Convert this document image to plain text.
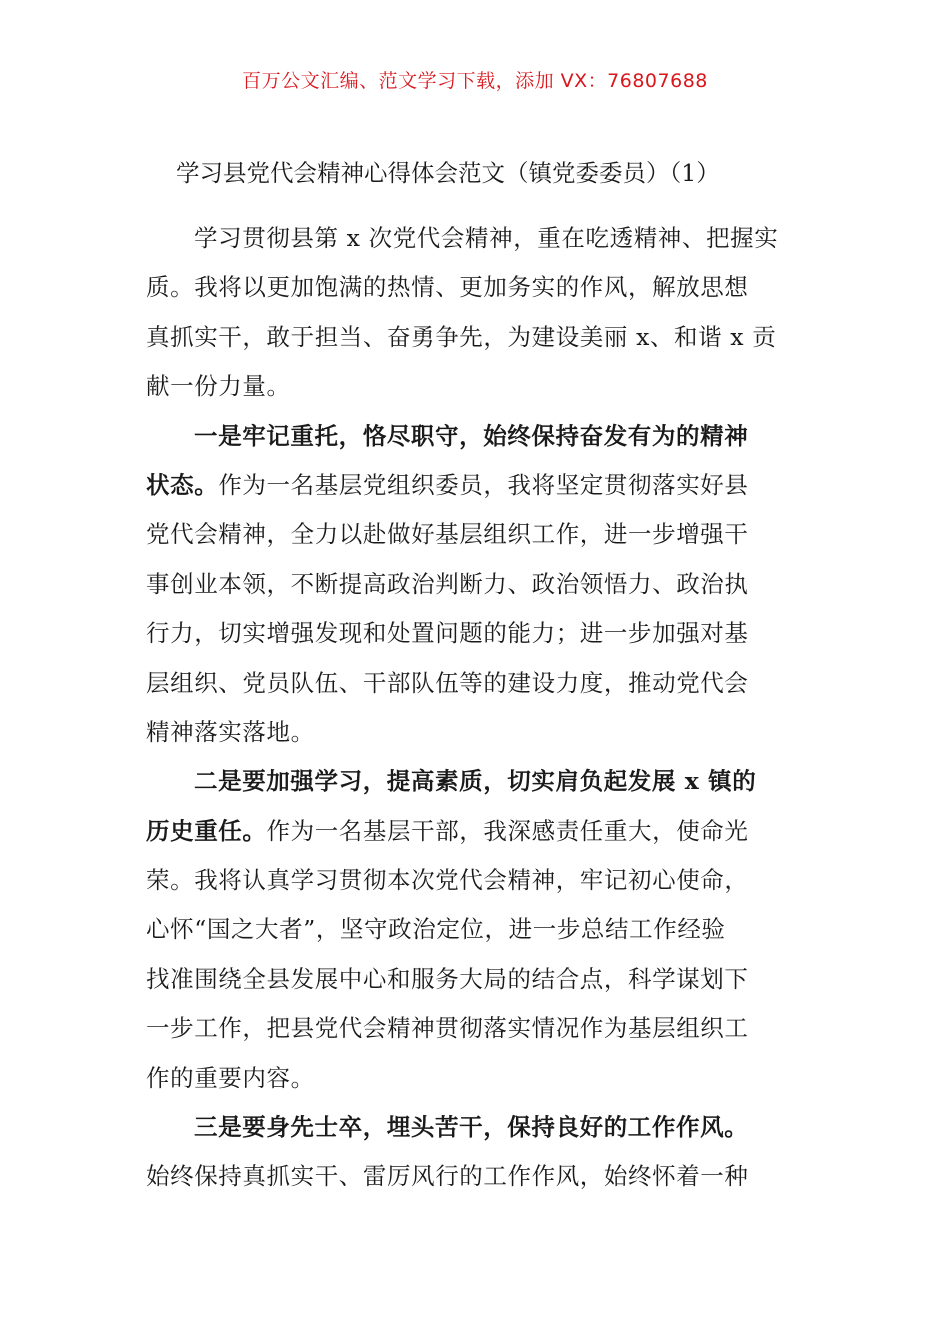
百万公文汇编、范文学习下载，添加 VX：76807688
学习县党代会精神心得体会范文（镇党委委员）（1）
学习贯彻县第 x 次党代会精神，重在吃透精神、把握实
质。我将以更加饱满的热情、更加务实的作风，解放思想
真抓实干，敢于担当、奋勇争先，为建设美丽 x、和谐 x 贡
献一份力量。
一是牢记重托，恪尽职守，始终保持奋发有为的精神
状态。作为一名基层党组织委员，我将坚定贯彻落实好县
党代会精神，全力以赴做好基层组织工作，进一步增强干
事创业本领，不断提高政治判断力、政治领悟力、政治执
行力，切实增强发现和处置问题的能力；进一步加强对基
层组织、党员队伍、干部队伍等的建设力度，推动党代会
精神落实落地。
二是要加强学习，提高素质，切实肩负起发展 x 镇的
历史重任。作为一名基层干部，我深感责任重大，使命光
荣。我将认真学习贯彻本次党代会精神，牢记初心使命，
心怀“国之大者”，坚守政治定位，进一步总结工作经验
找准围绕全县发展中心和服务大局的结合点，科学谋划下
一步工作，把县党代会精神贯彻落实情况作为基层组织工
作的重要内容。
三是要身先士卒，埋头苦干，保持良好的工作作风。
始终保持真抓实干、雷厉风行的工作作风，始终怀着一种
